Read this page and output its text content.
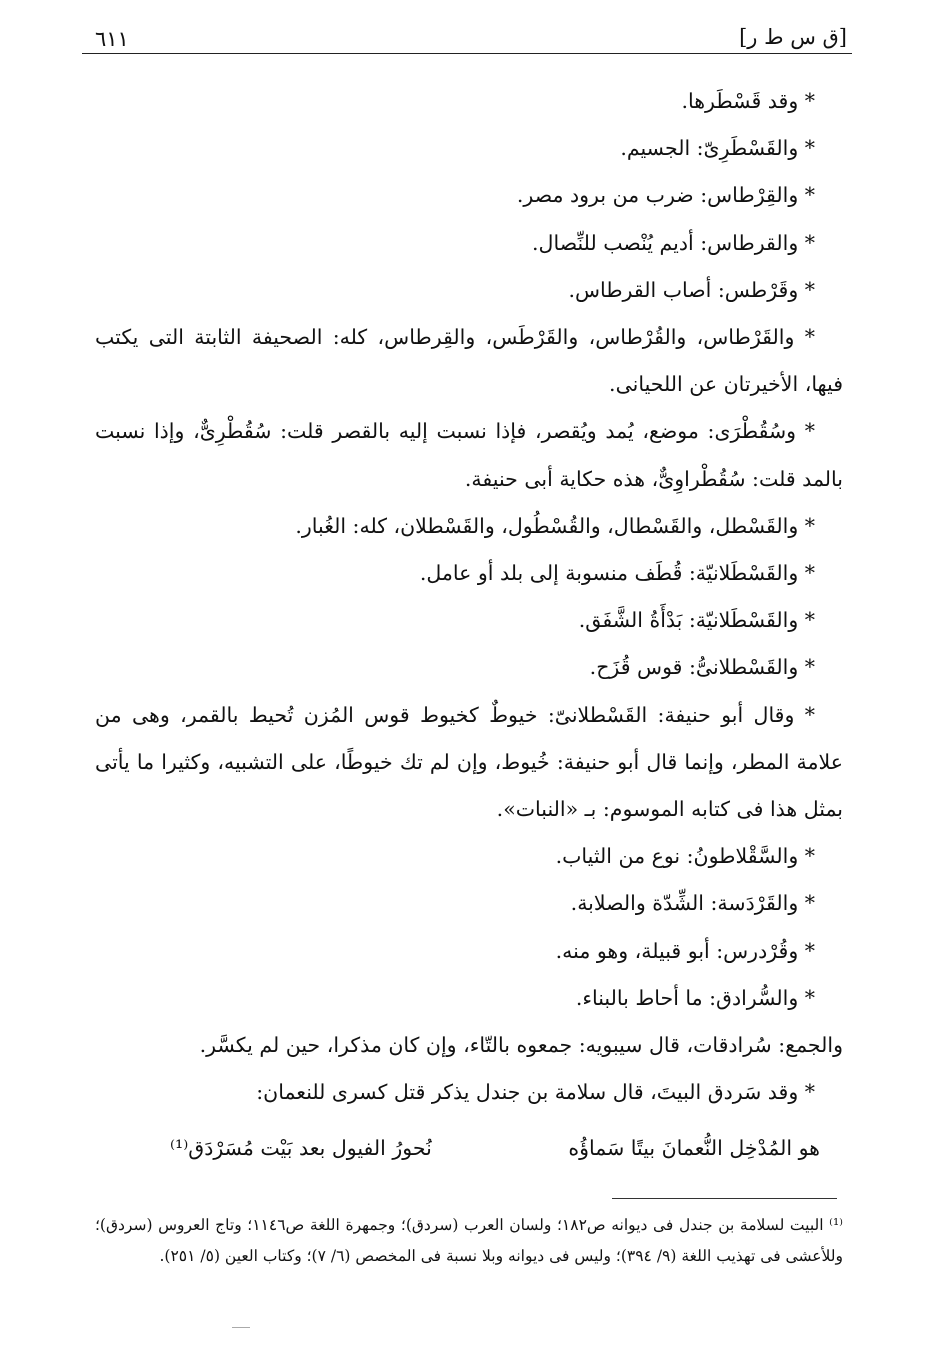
[ق س ط ر]
٦١١

* وقد قَسْطَرها.

* والقَسْطَرِىّ: الجسيم.

* والقِرْطاس: ضرب من برود مصر.

* والقرطاس: أديم يُنْصب للنِّصال.

* وقَرْطس: أصاب القرطاس.

* والقَرْطاس، والقُرْطاس، والقَرْطَس، والقِرطاس، كله: الصحيفة الثابتة التى يكتب فيها، الأخيرتان عن اللحيانى.

* وسُقُطْرَى: موضع، يُمد ويُقصر، فإذا نسبت إليه بالقصر قلت: سُقُطْرِىٌّ، وإذا نسبت بالمد قلت: سُقُطْراوِىٌّ، هذه حكاية أبى حنيفة.

* والقَسْطل، والقَسْطال، والقُسْطُول، والقَسْطلان، كله: الغُبار.

* والقَسْطَلانيّة: قُطَف منسوبة إلى بلد أو عامل.

* والقَسْطَلانيّة: بَدْأَةُ الشَّفَق.

* والقَسْطلانىُّ: قوس قُزَح.

* وقال أبو حنيفة: القَسْطلانىّ: خيوطٌ كخيوط قوس المُزن تُحيط بالقمر، وهى من علامة المطر، وإنما قال أبو حنيفة: خُيوط، وإن لم تك خيوطًا، على التشبيه، وكثيرا ما يأتى بمثل هذا فى كتابه الموسوم: بـ «النبات».

* والسَّقْلاطونُ: نوع من الثياب.

* والقَرْدَسة: الشِّدّة والصلابة.

* وقُرْدرس: أبو قبيلة، وهو منه.

* والسُّرادق: ما أحاط بالبناء.

والجمع: سُرادقات، قال سيبويه: جمعوه بالتّاء، وإن كان مذكرا، حين لم يكسَّر.

* وقد سَردق البيتَ، قال سلامة بن جندل يذكر قتل كسرى للنعمان:

هو المُدْخِل النُّعمانَ بيتًا سَماؤُه
نُحورُ الفيول بعد بَيْت مُسَرْدَق⁽¹⁾

⁽¹⁾ البيت لسلامة بن جندل فى ديوانه ص١٨٢؛ ولسان العرب (سردق)؛ وجمهرة اللغة ص١١٤٦؛ وتاج العروس (سردق)؛ وللأعشى فى تهذيب اللغة (٩/ ٣٩٤)؛ وليس فى ديوانه وبلا نسبة فى المخصص (٦/ ٧)؛ وكتاب العين (٥/ ٢٥١).
